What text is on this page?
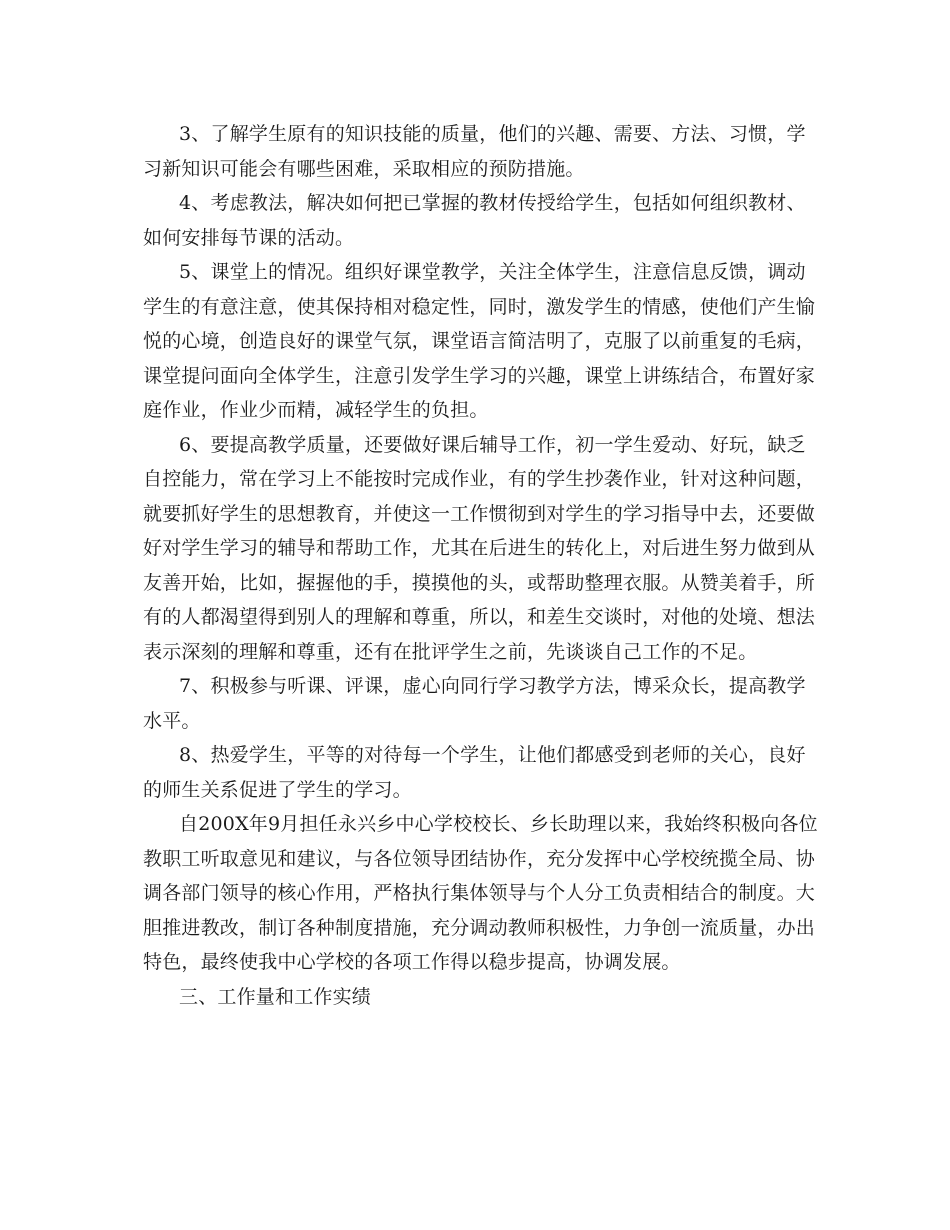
3、了解学生原有的知识技能的质量，他们的兴趣、需要、方法、习惯，学习新知识可能会有哪些困难，采取相应的预防措施。

4、考虑教法，解决如何把已掌握的教材传授给学生，包括如何组织教材、如何安排每节课的活动。

5、课堂上的情况。组织好课堂教学，关注全体学生，注意信息反馈，调动学生的有意注意，使其保持相对稳定性，同时，激发学生的情感，使他们产生愉悦的心境，创造良好的课堂气氛，课堂语言简洁明了，克服了以前重复的毛病，课堂提问面向全体学生，注意引发学生学习的兴趣，课堂上讲练结合，布置好家庭作业，作业少而精，减轻学生的负担。

6、要提高教学质量，还要做好课后辅导工作，初一学生爱动、好玩，缺乏自控能力，常在学习上不能按时完成作业，有的学生抄袭作业，针对这种问题，就要抓好学生的思想教育，并使这一工作惯彻到对学生的学习指导中去，还要做好对学生学习的辅导和帮助工作，尤其在后进生的转化上，对后进生努力做到从友善开始，比如，握握他的手，摸摸他的头，或帮助整理衣服。从赞美着手，所有的人都渴望得到别人的理解和尊重，所以，和差生交谈时，对他的处境、想法表示深刻的理解和尊重，还有在批评学生之前，先谈谈自己工作的不足。

7、积极参与听课、评课，虚心向同行学习教学方法，博采众长，提高教学水平。

8、热爱学生，平等的对待每一个学生，让他们都感受到老师的关心，良好的师生关系促进了学生的学习。

自200X年9月担任永兴乡中心学校校长、乡长助理以来，我始终积极向各位教职工听取意见和建议，与各位领导团结协作，充分发挥中心学校统揽全局、协调各部门领导的核心作用，严格执行集体领导与个人分工负责相结合的制度。大胆推进教改，制订各种制度措施，充分调动教师积极性，力争创一流质量，办出特色，最终使我中心学校的各项工作得以稳步提高，协调发展。

三、工作量和工作实绩
